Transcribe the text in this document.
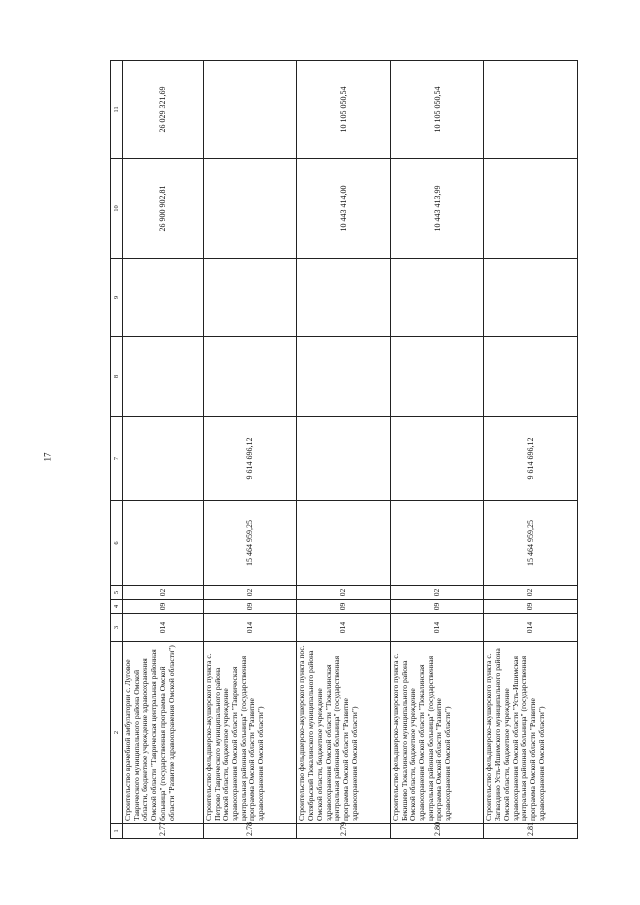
17
1	2	3	4	5	6	7	8	9	10	11
2.77	Строительство врачебной амбулатории с. Луговое Таврического муниципального района Омской области, бюджетное учреждение здравоохранения Омской области "Таврическая центральная районная больница" (государственная программа Омской области "Развитие здравоохранения Омской области")	014	09	02					26 900 902,81	26 029 321,69
2.78	Строительство фельдшерско-акушерского пункта с. Петрово Таврического муниципального района Омской области, бюджетное учреждение здравоохранения Омской области "Таврическая центральная районная больница" (государственная программа Омской области "Развитие здравоохранения Омской области")	014	09	02	15 464 959,25	9 614 696,12				
2.79	Строительство фельдшерско-акушерского пункта пос. Октябрьский Тюкалинского муниципального района Омской области, бюджетное учреждение здравоохранения Омской области "Тюкалинская центральная районная больница" (государственная программа Омской области "Развитие здравоохранения Омской области")	014	09	02					10 443 414,00	10 105 050,54
2.80	Строительство фельдшерско-акушерского пункта с. Бекишево Тюкалинского муниципального района Омской области, бюджетное учреждение здравоохранения Омской области "Тюкалинская центральная районная больница" (государственная программа Омской области "Развитие здравоохранения Омской области")	014	09	02					10 443 413,99	10 105 050,54
2.81	Строительство фельдшерско-акушерского пункта с. Загваздино Усть-Ишимского муниципального района Омской области, бюджетное учреждение здравоохранения Омской области "Усть-Ишимская центральная районная больница" (государственная программа Омской области "Развитие здравоохранения Омской области")	014	09	02	15 464 959,25	9 614 696,12				
